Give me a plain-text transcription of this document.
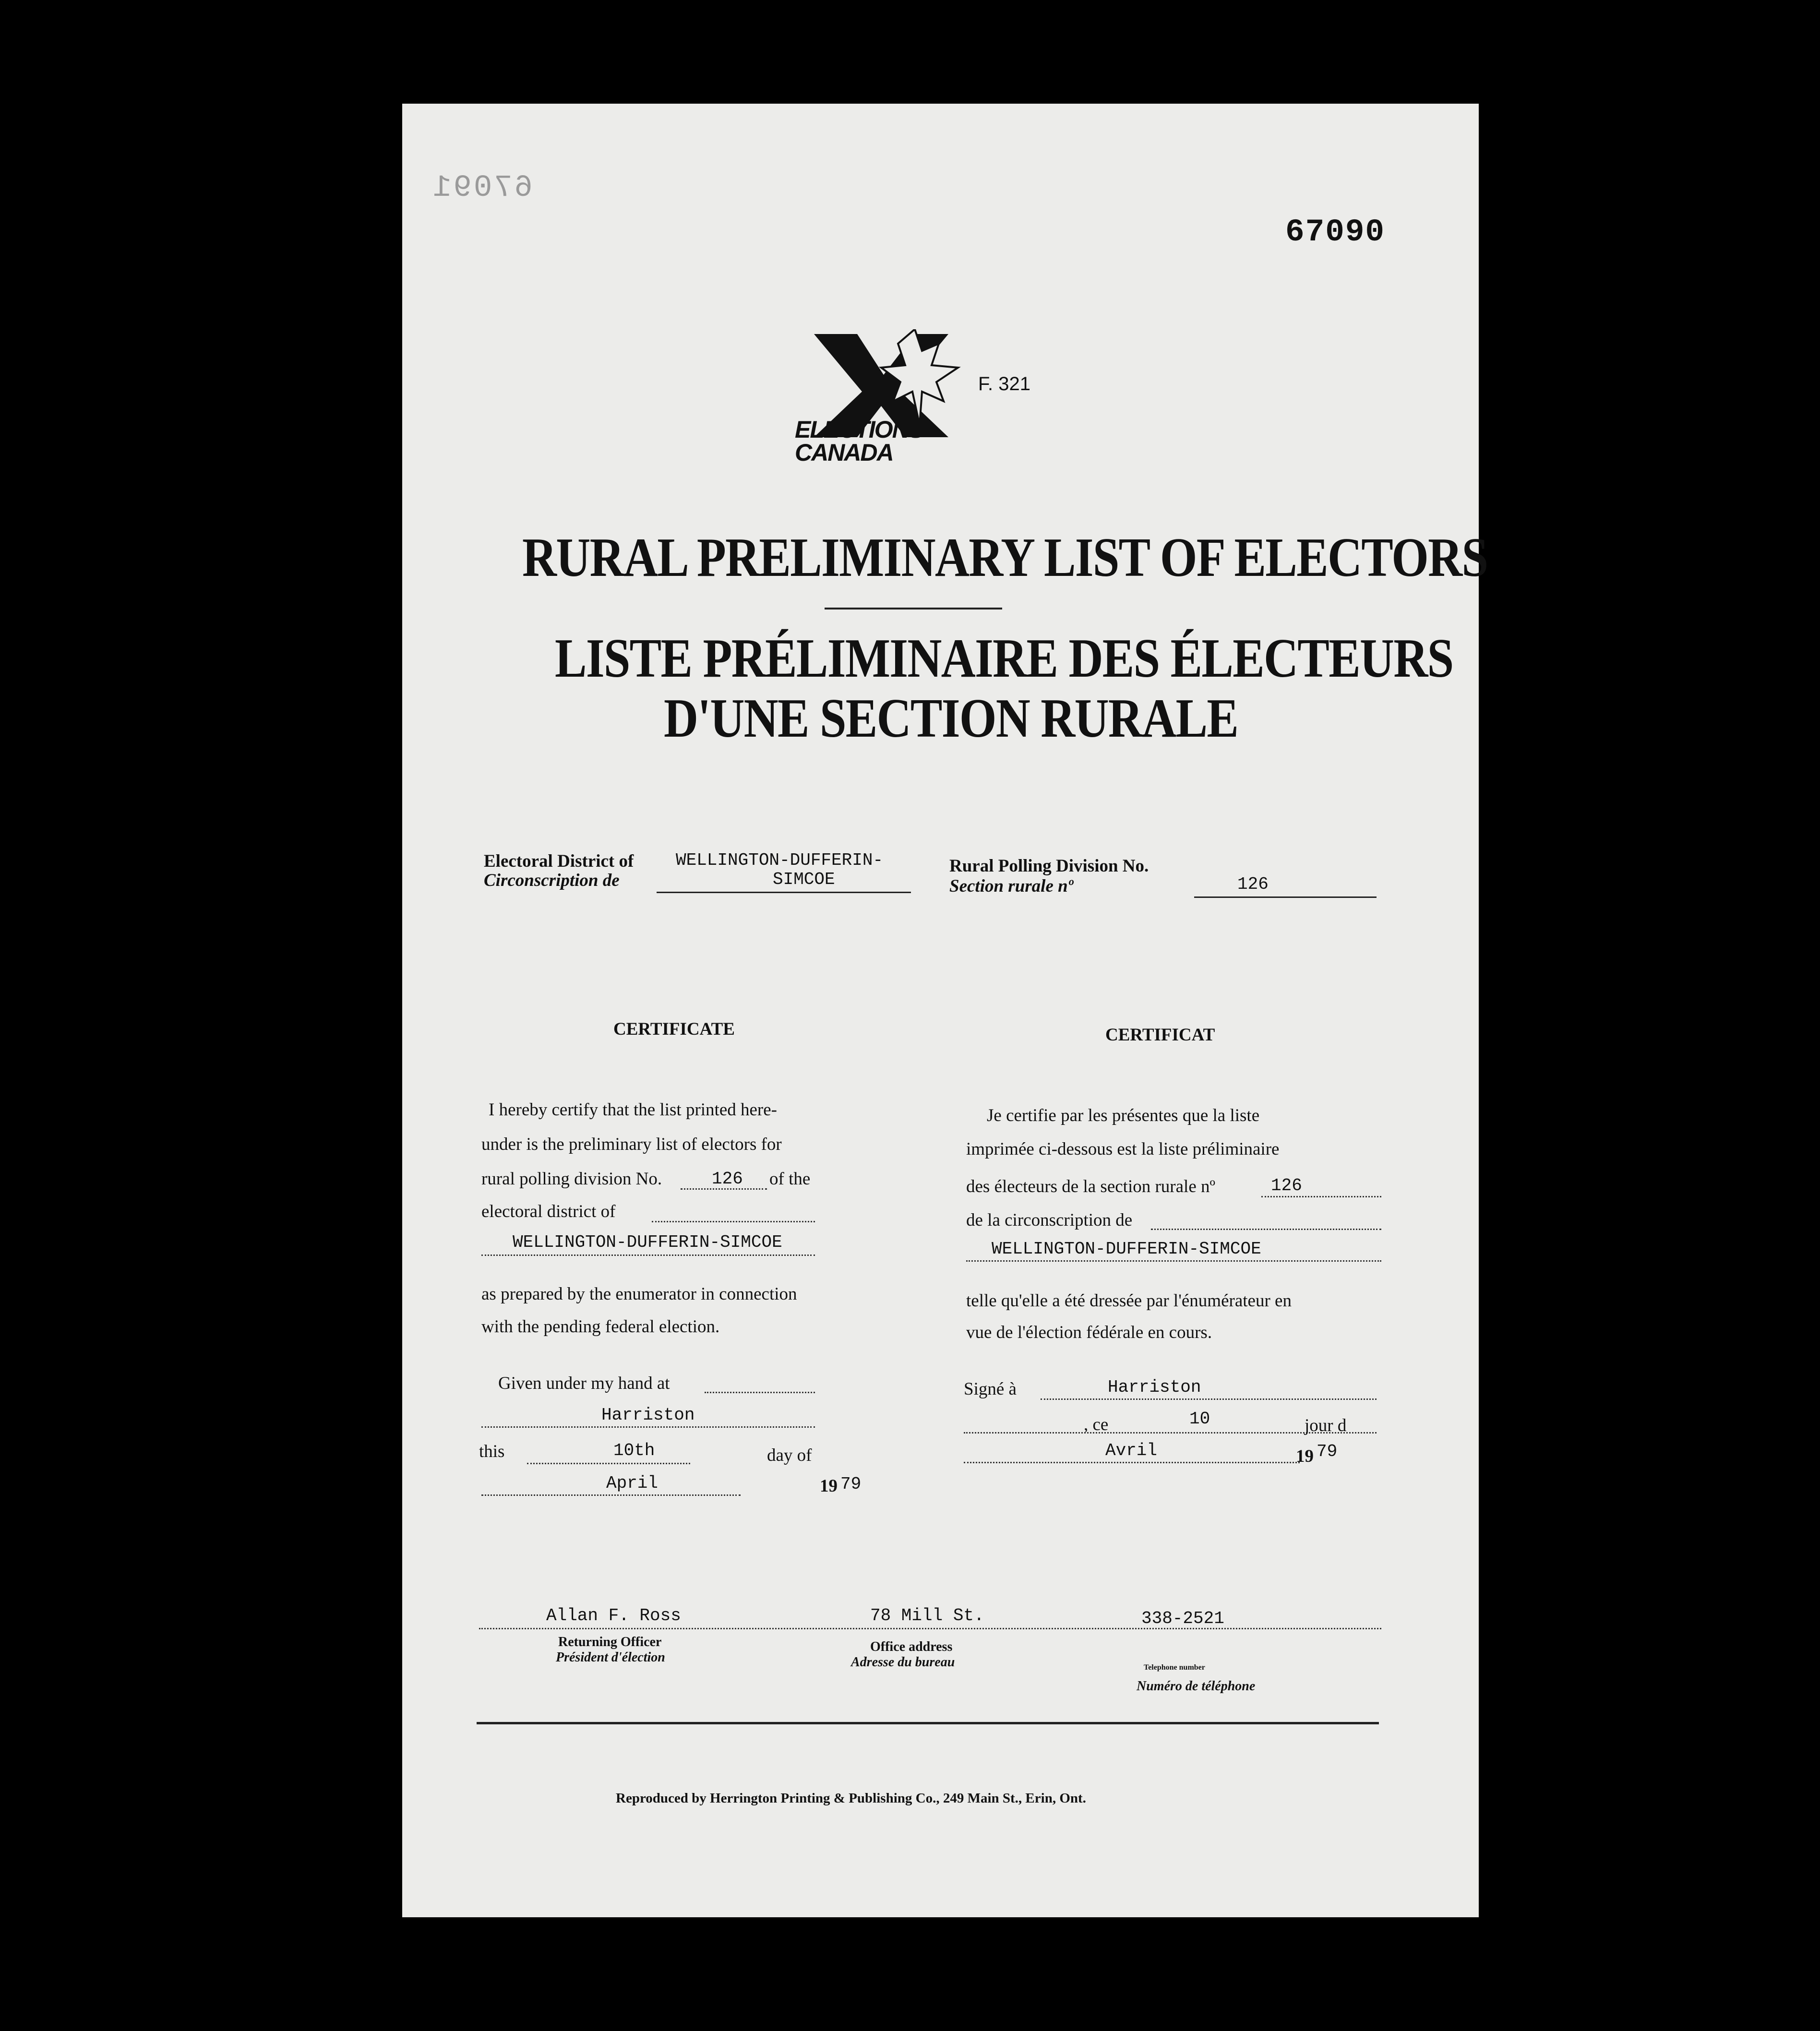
67091
67090
ELECTIONS
CANADA
F. 321
RURAL PRELIMINARY LIST OF ELECTORS
LISTE PRÉLIMINAIRE DES ÉLECTEURS
D'UNE SECTION RURALE
Electoral District of
Circonscription de
WELLINGTON-DUFFERIN-
SIMCOE
Rural Polling Division No.
Section rurale nº	126
CERTIFICATE
I hereby certify that the list printed here-
under is the preliminary list of electors for
rural polling division No.	126 of the
electoral district of
WELLINGTON-DUFFERIN-SIMCOE
as prepared by the enumerator in connection
with the pending federal election.
Given under my hand at
Harriston
this	10th	day of
April	19 79
CERTIFICAT
Je certifie par les présentes que la liste
imprimée ci-dessous est la liste préliminaire
des électeurs de la section rurale nº	126
de la circonscription de
WELLINGTON-DUFFERIN-SIMCOE
telle qu'elle a été dressée par l'énumérateur en
vue de l'élection fédérale en cours.
Signé à	Harriston
, ce	10	jour d
Avril	19 79
Allan F. Ross	78 Mill St.	338-2521
Returning Officer
Président d'élection
Office address
Adresse du bureau	Telephone number
Numéro de téléphone
Reproduced by Herrington Printing & Publishing Co., 249 Main St., Erin, Ont.
